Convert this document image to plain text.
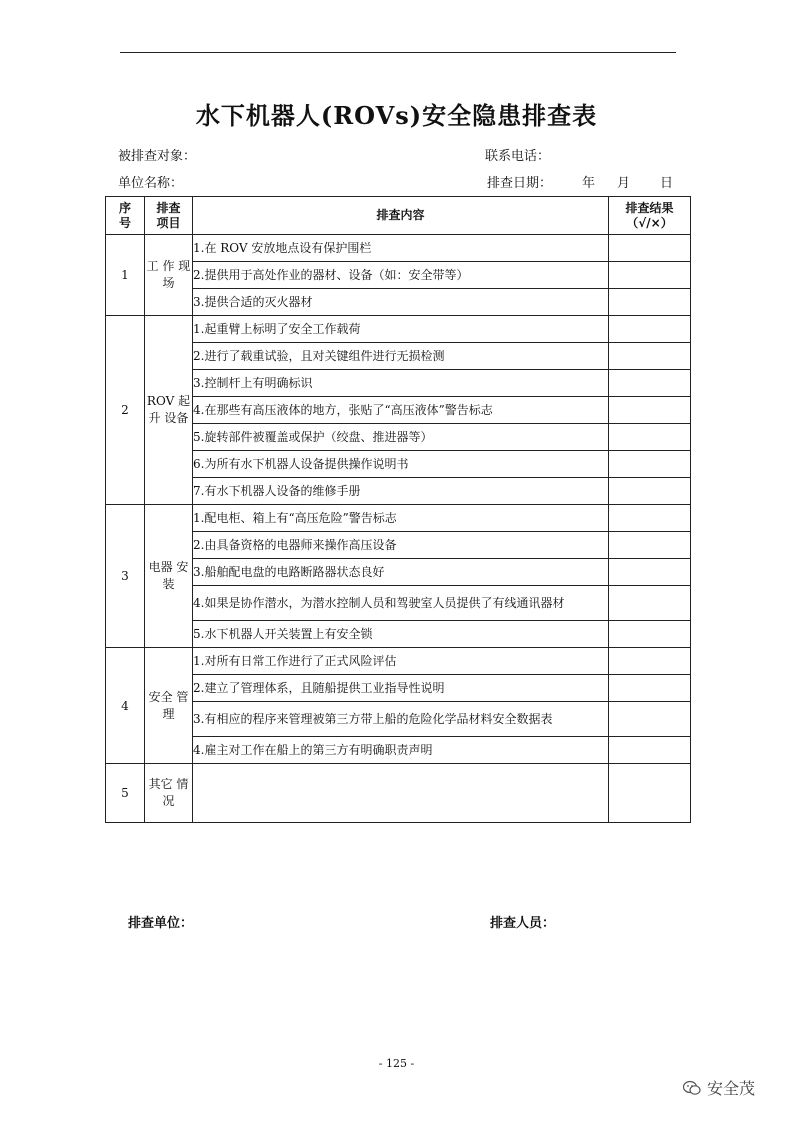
水下机器人(ROVs)安全隐患排查表
被排查对象：	联系电话：
单位名称：	排查日期： 年 月 日
序号	排查项目	排查内容	排查结果
（√/×）

1	工 作 现场	1.在 ROV 安放地点设有保护围栏	
		2.提供用于高处作业的器材、设备（如：安全带等）	
		3.提供合适的灭火器材	
2	ROV 起 升 设备	1.起重臂上标明了安全工作载荷	
		2.进行了载重试验，且对关键组件进行无损检测	
		3.控制杆上有明确标识	
		4.在那些有高压液体的地方，张贴了“高压液体”警告标志	
		5.旋转部件被覆盖或保护（绞盘、推进器等）	
		6.为所有水下机器人设备提供操作说明书	
		7.有水下机器人设备的维修手册	
3	电器 安装	1.配电柜、箱上有“高压危险”警告标志	
		2.由具备资格的电器师来操作高压设备	
		3.船舶配电盘的电路断路器状态良好	
		4.如果是协作潜水，为潜水控制人员和驾驶室人员提供了有线通讯器材	
		5.水下机器人开关装置上有安全锁	
4	安全 管理	1.对所有日常工作进行了正式风险评估	
		2.建立了管理体系，且随船提供工业指导性说明	
		3.有相应的程序来管理被第三方带上船的危险化学品材料安全数据表	
		4.雇主对工作在船上的第三方有明确职责声明	
5	其它 情况		
排查单位：	排查人员：
- 125 -
安全茂
